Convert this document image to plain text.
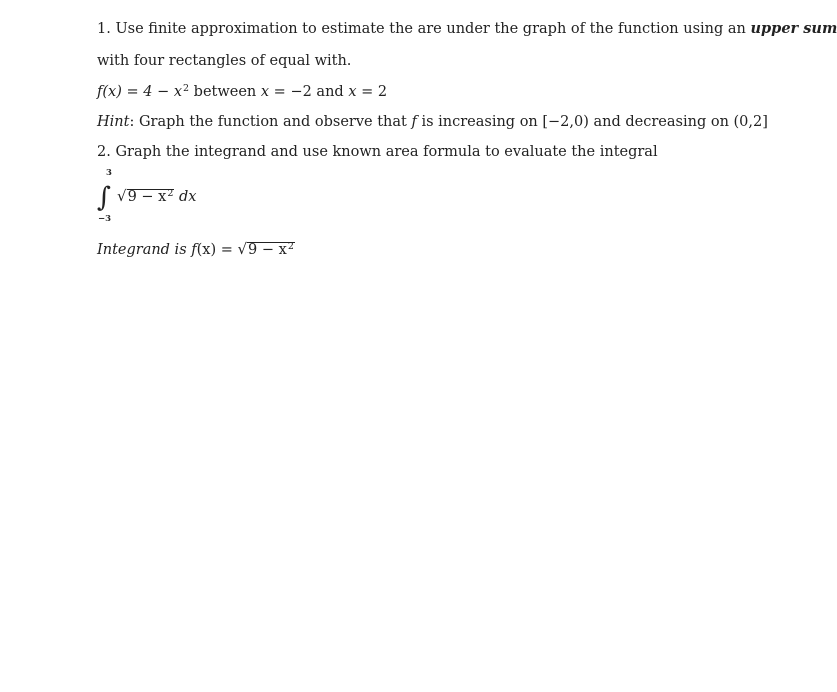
1. Use finite approximation to estimate the are under the graph of the function using an upper sum
with four rectangles of equal with.
$f(x) = 4 - x^2$ between x = −2 and x = 2
Hint: Graph the function and observe that f is increasing on [−2,0) and decreasing on (0,2]
2. Graph the integrand and use known area formula to evaluate the integral
3
∫
−3
$√9 - x^2$ dx
Integrand is $f(x) = √9 - x^2$
